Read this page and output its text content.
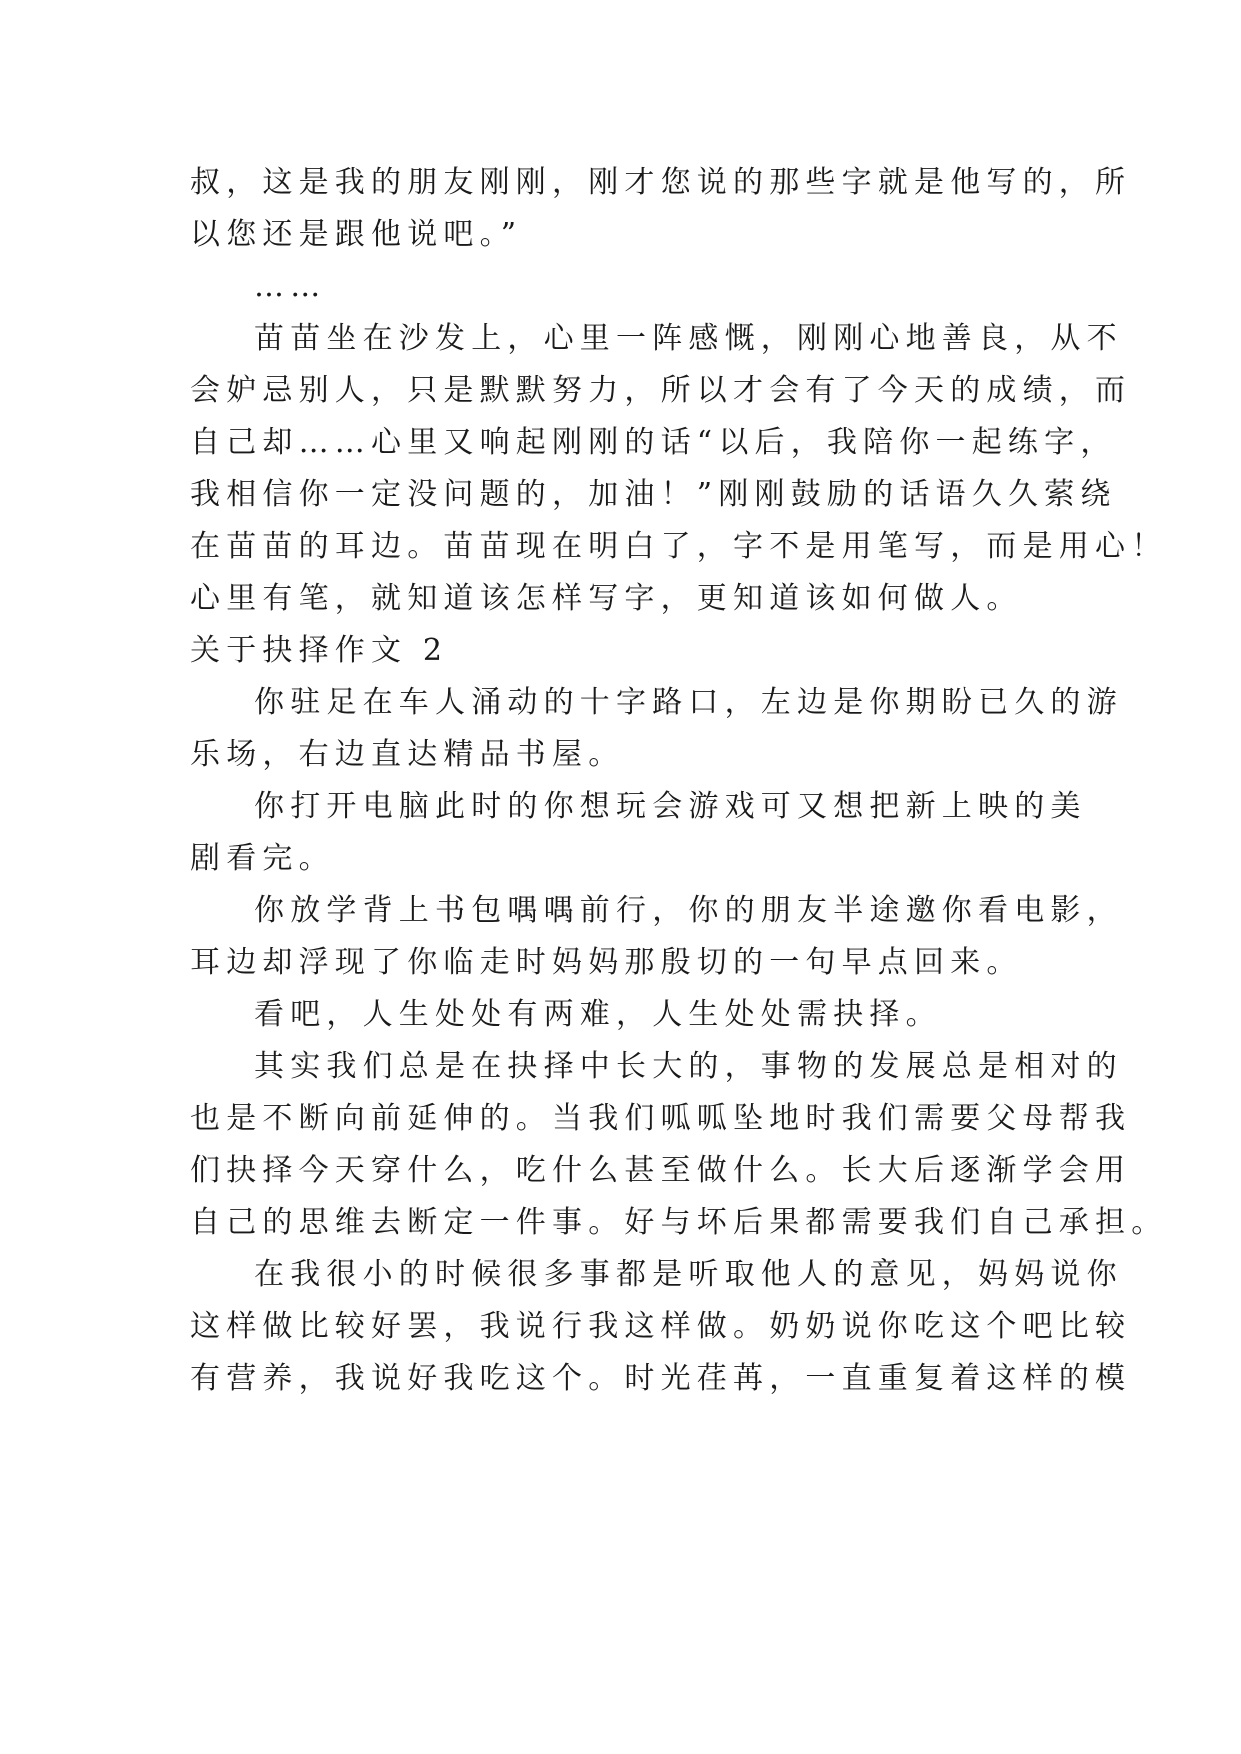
叔，这是我的朋友刚刚，刚才您说的那些字就是他写的，所
以您还是跟他说吧。”
……
苗苗坐在沙发上，心里一阵感慨，刚刚心地善良，从不
会妒忌别人，只是默默努力，所以才会有了今天的成绩，而
自己却……心里又响起刚刚的话“以后，我陪你一起练字，
我相信你一定没问题的，加油！”刚刚鼓励的话语久久萦绕
在苗苗的耳边。苗苗现在明白了，字不是用笔写，而是用心！
心里有笔，就知道该怎样写字，更知道该如何做人。
关于抉择作文 2
你驻足在车人涌动的十字路口，左边是你期盼已久的游
乐场，右边直达精品书屋。
你打开电脑此时的你想玩会游戏可又想把新上映的美
剧看完。
你放学背上书包喁喁前行，你的朋友半途邀你看电影，
耳边却浮现了你临走时妈妈那殷切的一句早点回来。
看吧，人生处处有两难，人生处处需抉择。
其实我们总是在抉择中长大的，事物的发展总是相对的
也是不断向前延伸的。当我们呱呱坠地时我们需要父母帮我
们抉择今天穿什么，吃什么甚至做什么。长大后逐渐学会用
自己的思维去断定一件事。好与坏后果都需要我们自己承担。
在我很小的时候很多事都是听取他人的意见，妈妈说你
这样做比较好罢，我说行我这样做。奶奶说你吃这个吧比较
有营养，我说好我吃这个。时光荏苒，一直重复着这样的模
